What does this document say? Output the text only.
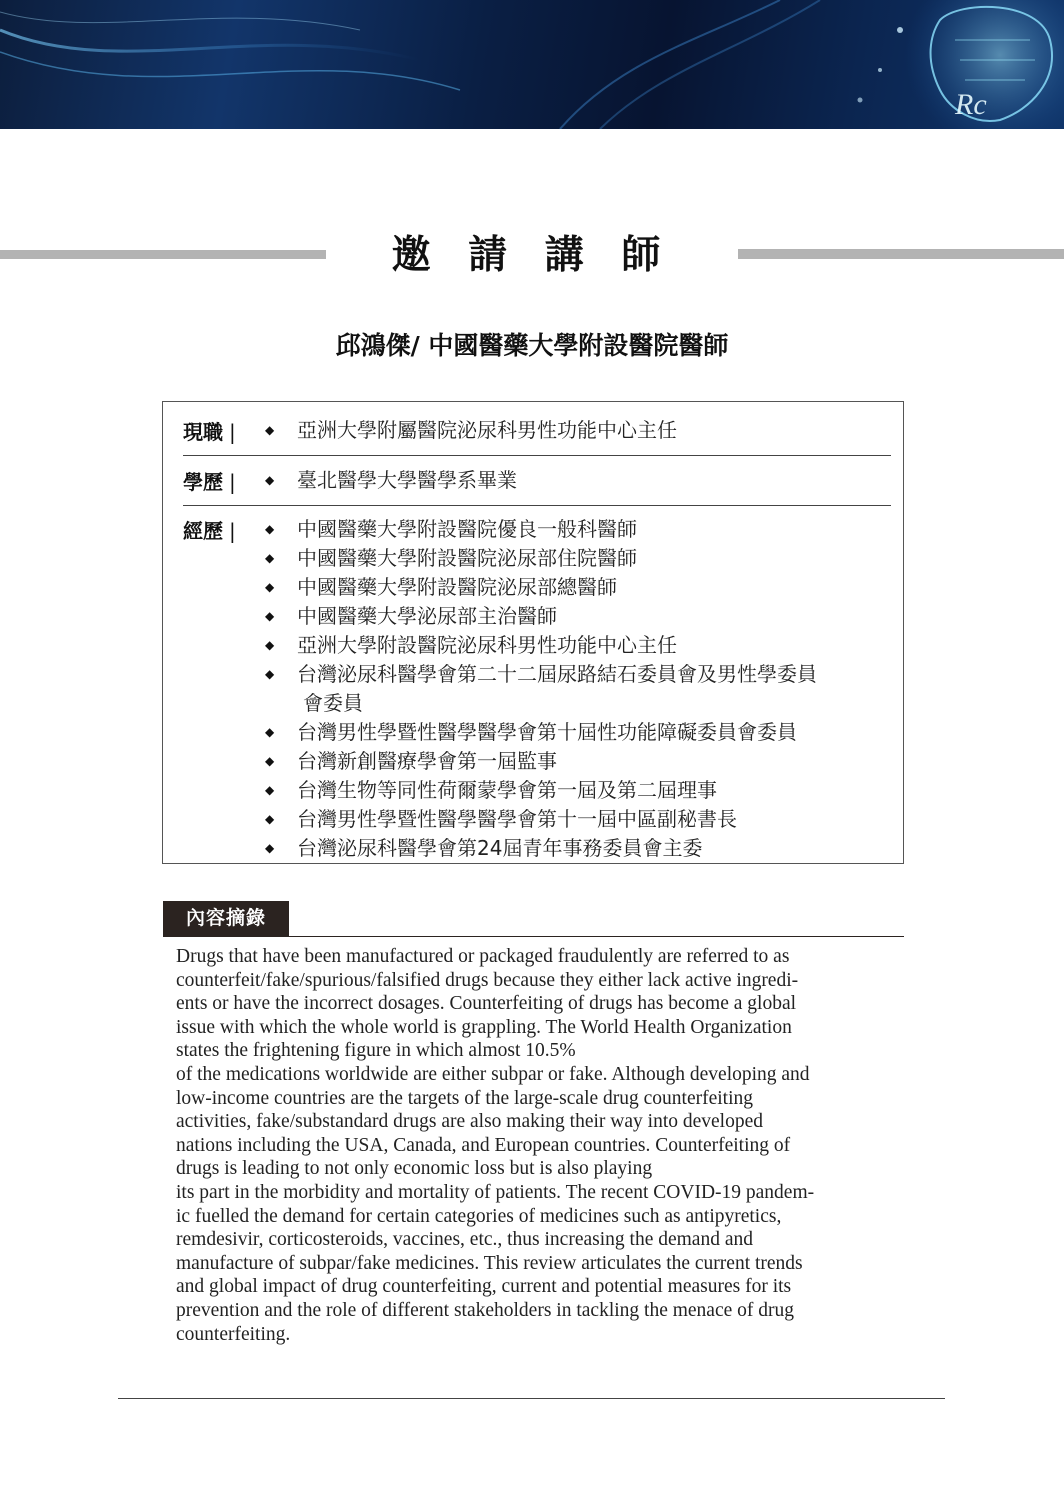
Rc
邀 請 講 師
邱鴻傑/ 中國醫藥大學附設醫院醫師
現職 | ◆ 亞洲大學附屬醫院泌尿科男性功能中心主任
學歷 | ◆ 臺北醫學大學醫學系畢業
經歷 | ◆ 中國醫藥大學附設醫院優良一般科醫師
◆ 中國醫藥大學附設醫院泌尿部住院醫師
◆ 中國醫藥大學附設醫院泌尿部總醫師
◆ 中國醫藥大學泌尿部主治醫師
◆ 亞洲大學附設醫院泌尿科男性功能中心主任
◆ 台灣泌尿科醫學會第二十二屆尿路結石委員會及男性學委員
會委員
◆ 台灣男性學暨性醫學醫學會第十屆性功能障礙委員會委員
◆ 台灣新創醫療學會第一屆監事
◆ 台灣生物等同性荷爾蒙學會第一屆及第二屆理事
◆ 台灣男性學暨性醫學醫學會第十一屆中區副秘書長
◆ 台灣泌尿科醫學會第24屆青年事務委員會主委
內容摘錄

Drugs that have been manufactured or packaged fraudulently are referred to as

counterfeit/fake/spurious/falsified drugs because they either lack active ingredi-

ents or have the incorrect dosages. Counterfeiting of drugs has become a global

issue with which the whole world is grappling. The World Health Organization

states the frightening figure in which almost 10.5%

of the medications worldwide are either subpar or fake. Although developing and

low-income countries are the targets of the large-scale drug counterfeiting

activities, fake/substandard drugs are also making their way into developed

nations including the USA, Canada, and European countries. Counterfeiting of

drugs is leading to not only economic loss but is also playing

its part in the morbidity and mortality of patients. The recent COVID-19 pandem-

ic fuelled the demand for certain categories of medicines such as antipyretics,

remdesivir, corticosteroids, vaccines, etc., thus increasing the demand and

manufacture of subpar/fake medicines. This review articulates the current trends

and global impact of drug counterfeiting, current and potential measures for its

prevention and the role of different stakeholders in tackling the menace of drug

counterfeiting.
